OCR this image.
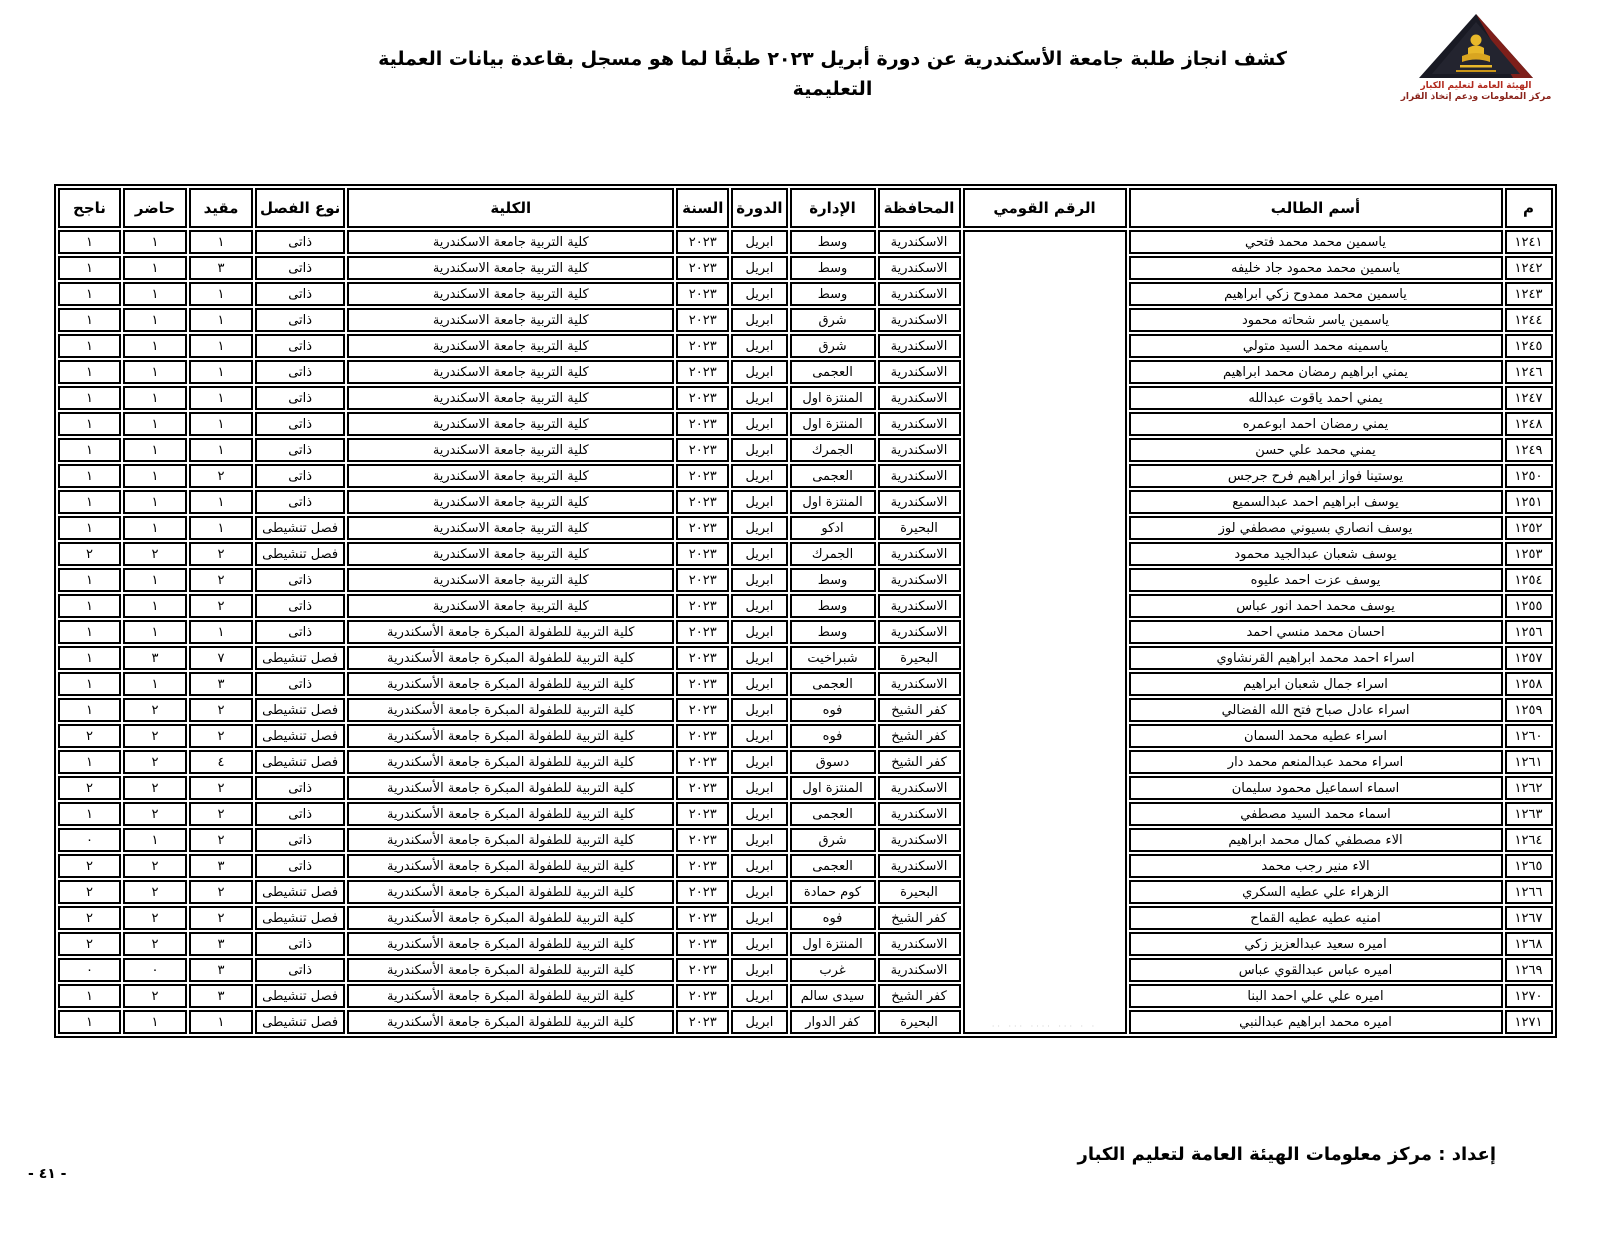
كشف انجاز طلبة جامعة الأسكندرية عن دورة أبريل ٢٠٢٣ طبقًا لما هو مسجل بقاعدة بيانات العملية التعليمية	الهيئة العامة لتعليم الكبار
مركز المعلومات ودعم إتخاذ القرار
م	أسم الطالب	الرقم القومي	المحافظة	الإدارة	الدورة	السنة	الكلية	نوع الفصل	مقيد	حاضر	ناجح
١٢٤١	ياسمين محمد محمد فتحي	· · ··· ···· ··· ··	الاسكندرية	وسط	ابريل	٢٠٢٣	كلية التربية جامعة الاسكندرية	ذاتى	١	١	١
١٢٤٢	ياسمين محمد محمود جاد خليفه		الاسكندرية	وسط	ابريل	٢٠٢٣	كلية التربية جامعة الاسكندرية	ذاتى	٣	١	١
١٢٤٣	ياسمين محمد ممدوح زكي ابراهيم		الاسكندرية	وسط	ابريل	٢٠٢٣	كلية التربية جامعة الاسكندرية	ذاتى	١	١	١
١٢٤٤	ياسمين ياسر شحاته محمود		الاسكندرية	شرق	ابريل	٢٠٢٣	كلية التربية جامعة الاسكندرية	ذاتى	١	١	١
١٢٤٥	ياسمينه محمد السيد متولي		الاسكندرية	شرق	ابريل	٢٠٢٣	كلية التربية جامعة الاسكندرية	ذاتى	١	١	١
١٢٤٦	يمني ابراهيم رمضان محمد ابراهيم		الاسكندرية	العجمى	ابريل	٢٠٢٣	كلية التربية جامعة الاسكندرية	ذاتى	١	١	١
١٢٤٧	يمني احمد ياقوت عبدالله		الاسكندرية	المنتزة اول	ابريل	٢٠٢٣	كلية التربية جامعة الاسكندرية	ذاتى	١	١	١
١٢٤٨	يمني رمضان احمد ابوعمره		الاسكندرية	المنتزة اول	ابريل	٢٠٢٣	كلية التربية جامعة الاسكندرية	ذاتى	١	١	١
١٢٤٩	يمني محمد علي حسن		الاسكندرية	الجمرك	ابريل	٢٠٢٣	كلية التربية جامعة الاسكندرية	ذاتى	١	١	١
١٢٥٠	يوستينا فواز ابراهيم فرح جرجس		الاسكندرية	العجمى	ابريل	٢٠٢٣	كلية التربية جامعة الاسكندرية	ذاتى	٢	١	١
١٢٥١	يوسف ابراهيم احمد عبدالسميع		الاسكندرية	المنتزة اول	ابريل	٢٠٢٣	كلية التربية جامعة الاسكندرية	ذاتى	١	١	١
١٢٥٢	يوسف انصاري بسيوني مصطفي لوز		البحيرة	ادكو	ابريل	٢٠٢٣	كلية التربية جامعة الاسكندرية	فصل تنشيطى	١	١	١
١٢٥٣	يوسف شعبان عبدالجيد محمود		الاسكندرية	الجمرك	ابريل	٢٠٢٣	كلية التربية جامعة الاسكندرية	فصل تنشيطى	٢	٢	٢
١٢٥٤	يوسف عزت احمد عليوه		الاسكندرية	وسط	ابريل	٢٠٢٣	كلية التربية جامعة الاسكندرية	ذاتى	٢	١	١
١٢٥٥	يوسف محمد احمد انور عباس		الاسكندرية	وسط	ابريل	٢٠٢٣	كلية التربية جامعة الاسكندرية	ذاتى	٢	١	١
١٢٥٦	احسان محمد منسي احمد		الاسكندرية	وسط	ابريل	٢٠٢٣	كلية التربية للطفولة المبكرة جامعة الأسكندرية	ذاتى	١	١	١
١٢٥٧	اسراء احمد محمد ابراهيم القرنشاوي		البحيرة	شبراخيت	ابريل	٢٠٢٣	كلية التربية للطفولة المبكرة جامعة الأسكندرية	فصل تنشيطى	٧	٣	١
١٢٥٨	اسراء جمال شعبان ابراهيم		الاسكندرية	العجمى	ابريل	٢٠٢٣	كلية التربية للطفولة المبكرة جامعة الأسكندرية	ذاتى	٣	١	١
١٢٥٩	اسراء عادل صباح فتح الله الفضالي		كفر الشيخ	فوه	ابريل	٢٠٢٣	كلية التربية للطفولة المبكرة جامعة الأسكندرية	فصل تنشيطى	٢	٢	١
١٢٦٠	اسراء عطيه محمد السمان		كفر الشيخ	فوه	ابريل	٢٠٢٣	كلية التربية للطفولة المبكرة جامعة الأسكندرية	فصل تنشيطى	٢	٢	٢
١٢٦١	اسراء محمد عبدالمنعم محمد دار		كفر الشيخ	دسوق	ابريل	٢٠٢٣	كلية التربية للطفولة المبكرة جامعة الأسكندرية	فصل تنشيطى	٤	٢	١
١٢٦٢	اسماء اسماعيل محمود سليمان		الاسكندرية	المنتزة اول	ابريل	٢٠٢٣	كلية التربية للطفولة المبكرة جامعة الأسكندرية	ذاتى	٢	٢	٢
١٢٦٣	اسماء محمد السيد مصطفي		الاسكندرية	العجمى	ابريل	٢٠٢٣	كلية التربية للطفولة المبكرة جامعة الأسكندرية	ذاتى	٢	٢	١
١٢٦٤	الاء مصطفي كمال محمد ابراهيم		الاسكندرية	شرق	ابريل	٢٠٢٣	كلية التربية للطفولة المبكرة جامعة الأسكندرية	ذاتى	٢	١	٠
١٢٦٥	الاء منير رجب محمد		الاسكندرية	العجمى	ابريل	٢٠٢٣	كلية التربية للطفولة المبكرة جامعة الأسكندرية	ذاتى	٣	٢	٢
١٢٦٦	الزهراء علي عطيه السكري		البحيرة	كوم حمادة	ابريل	٢٠٢٣	كلية التربية للطفولة المبكرة جامعة الأسكندرية	فصل تنشيطى	٢	٢	٢
١٢٦٧	امنيه عطيه عطيه القماح		كفر الشيخ	فوه	ابريل	٢٠٢٣	كلية التربية للطفولة المبكرة جامعة الأسكندرية	فصل تنشيطى	٢	٢	٢
١٢٦٨	اميره سعيد عبدالعزيز زكي		الاسكندرية	المنتزة اول	ابريل	٢٠٢٣	كلية التربية للطفولة المبكرة جامعة الأسكندرية	ذاتى	٣	٢	٢
١٢٦٩	اميره عباس عبدالقوي عباس		الاسكندرية	غرب	ابريل	٢٠٢٣	كلية التربية للطفولة المبكرة جامعة الأسكندرية	ذاتى	٣	٠	٠
١٢٧٠	اميره علي علي احمد البنا		كفر الشيخ	سيدى سالم	ابريل	٢٠٢٣	كلية التربية للطفولة المبكرة جامعة الأسكندرية	فصل تنشيطى	٣	٢	١
١٢٧١	اميره محمد ابراهيم عبدالنبي		البحيرة	كفر الدوار	ابريل	٢٠٢٣	كلية التربية للطفولة المبكرة جامعة الأسكندرية	فصل تنشيطى	١	١	١
إعداد : مركز معلومات الهيئة العامة لتعليم الكبار
- ٤١ -
